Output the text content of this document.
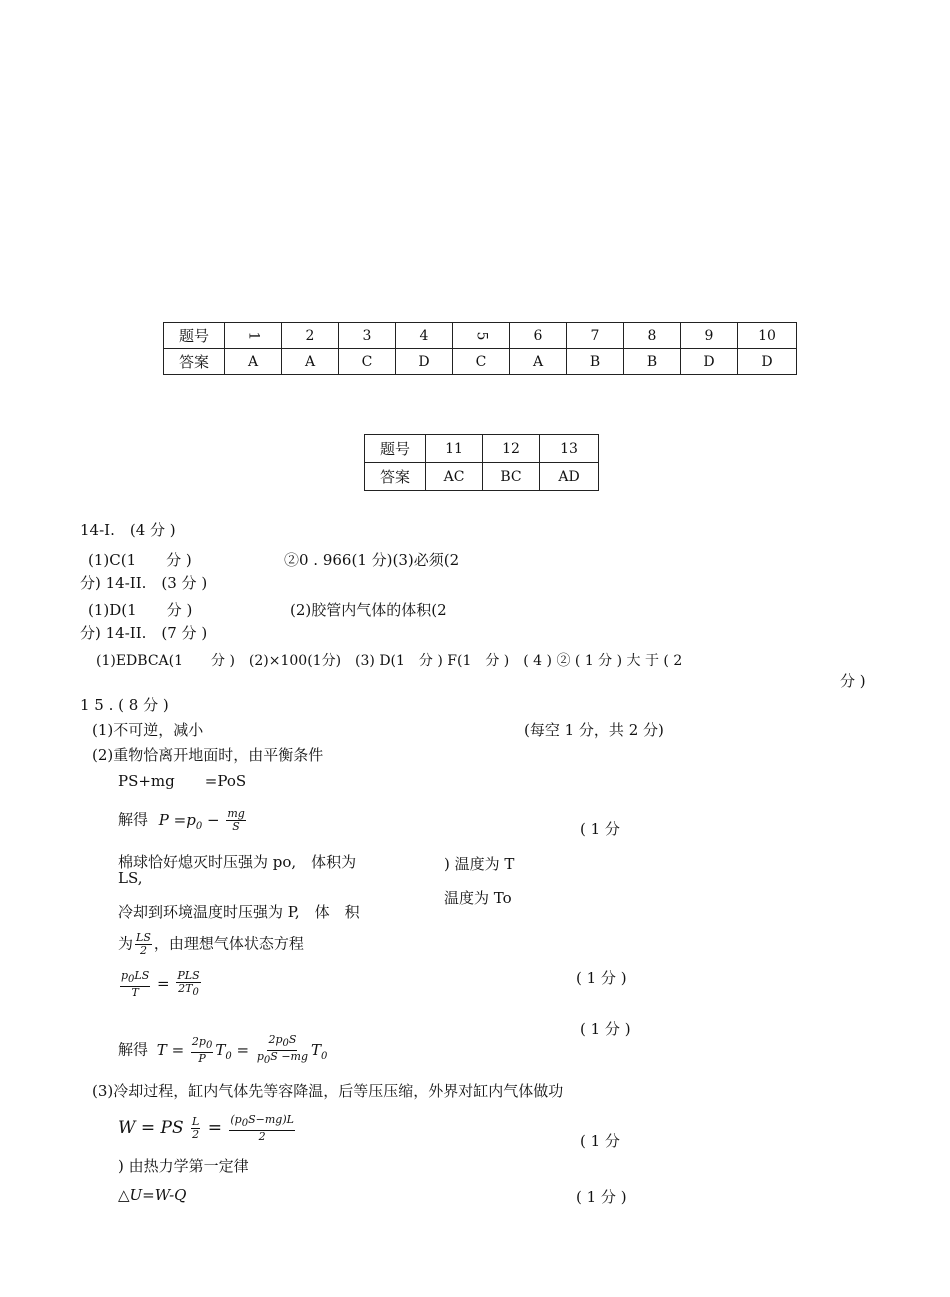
题号	1	2	3	4	5	6	7	8	9	10
答案	A	A	C	D	C	A	B	B	D	D
题号	11	12	13
答案	AC	BC	AD
14-I.　(4 分 )
(1)C(1　　分 )	②0 . 966(1 分)(3)必须(2
分) 14-II.　(3 分 )
(1)D(1　　分 )	(2)胶管内气体的体积(2
分) 14-II.　(7 分 )
(1)EDBCA(1　　分 )　(2)×100(1分)　(3) D(1　分 ) F(1　分 )　( 4 ) ② ( 1 分 ) 大 于 ( 2
分 )
1 5 . ( 8 分 )
(1)不可逆，减小	(每空 1 分，共 2 分)
(2)重物恰离开地面时，由平衡条件
PS+mg　　=PoS
解得 $P =p_0 - \frac{mg}{S}$	( 1 分
棉球恰好熄灭时压强为 po,　体积为
LS,
) 温度为 T
冷却到环境温度时压强为 P,　体　积
温度为 To
为 $\frac{LS}{2}$ ，由理想气体状态方程
$\frac{p_0LS}{T} = \frac{\text{PLS}}{2T_0}$	( 1 分 )
( 1 分 )
解得 $T = \frac{2p_0}{P} T_0 = \frac{2p_0S}{p_0S -mg} T_0$
(3)冷却过程，缸内气体先等容降温，后等压压缩，外界对缸内气体做功
W = PS $\frac{L}{2} = \frac{(p_0S-mg)L}{2}$	( 1 分
) 由热力学第一定律
△U=W-Q	( 1 分 )
